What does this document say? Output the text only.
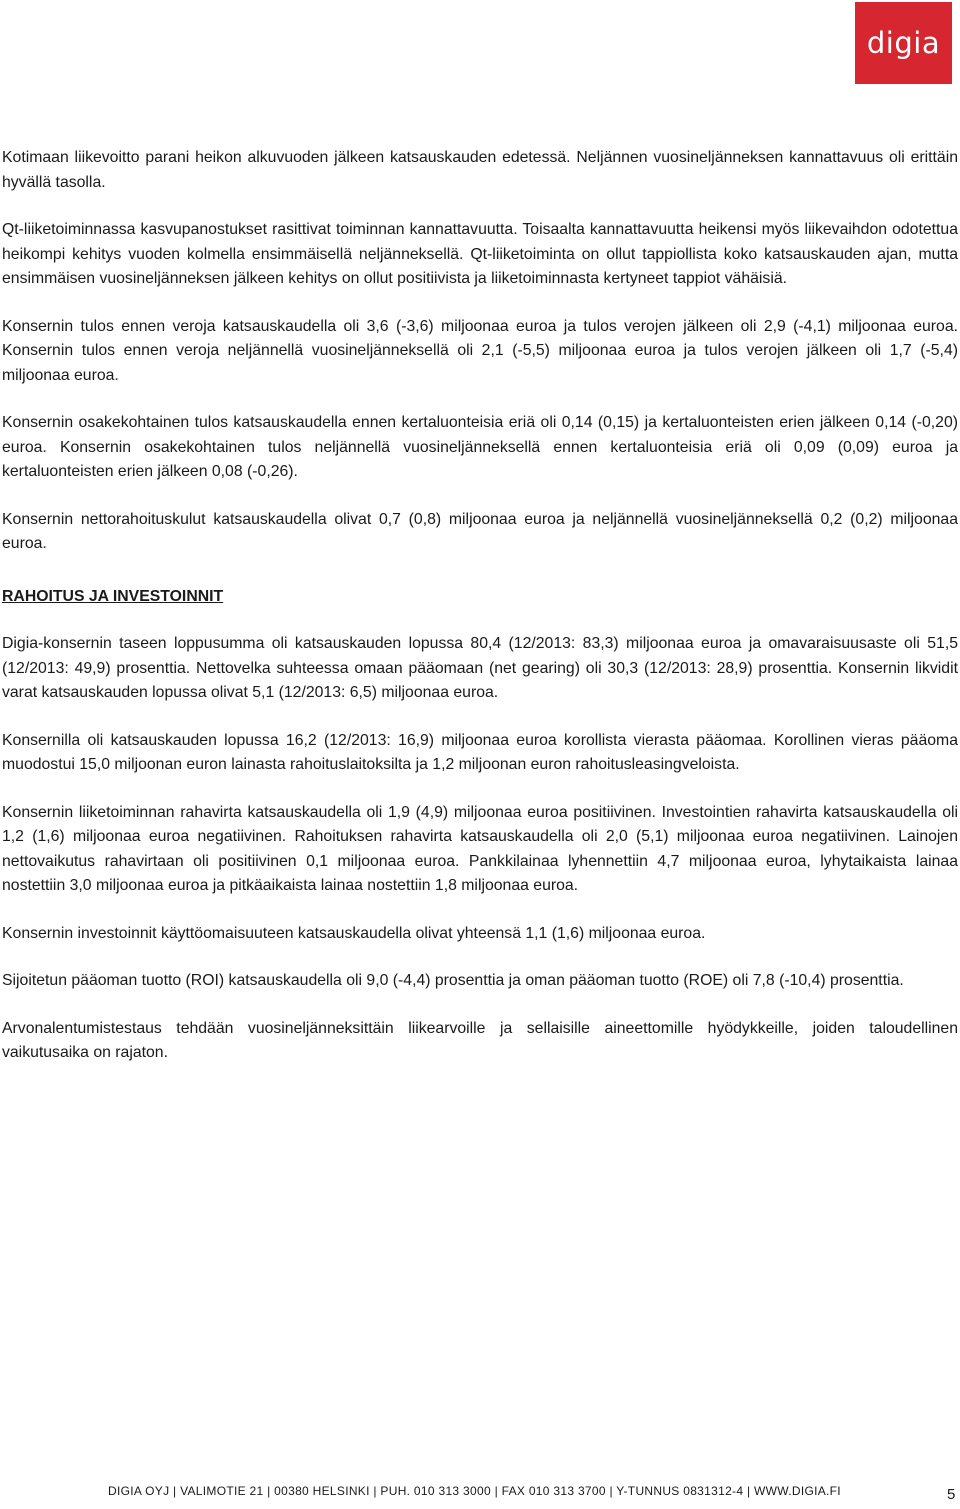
digia

Kotimaan liikevoitto parani heikon alkuvuoden jälkeen katsauskauden edetessä. Neljännen vuosineljänneksen kannattavuus oli erittäin hyvällä tasolla.

Qt-liiketoiminnassa kasvupanostukset rasittivat toiminnan kannattavuutta. Toisaalta kannattavuutta heikensi myös liikevaihdon odotettua heikompi kehitys vuoden kolmella ensimmäisellä neljänneksellä. Qt-liiketoiminta on ollut tappiollista koko katsauskauden ajan, mutta ensimmäisen vuosineljänneksen jälkeen kehitys on ollut positiivista ja liiketoiminnasta kertyneet tappiot vähäisiä.

Konsernin tulos ennen veroja katsauskaudella oli 3,6 (-3,6) miljoonaa euroa ja tulos verojen jälkeen oli 2,9 (-4,1) miljoonaa euroa. Konsernin tulos ennen veroja neljännellä vuosineljänneksellä oli 2,1 (-5,5) miljoonaa euroa ja tulos verojen jälkeen oli 1,7 (-5,4) miljoonaa euroa.

Konsernin osakekohtainen tulos katsauskaudella ennen kertaluonteisia eriä oli 0,14 (0,15) ja kertaluonteisten erien jälkeen 0,14 (-0,20) euroa. Konsernin osakekohtainen tulos neljännellä vuosineljänneksellä ennen kertaluonteisia eriä oli 0,09 (0,09) euroa ja kertaluonteisten erien jälkeen 0,08 (-0,26).

Konsernin nettorahoituskulut katsauskaudella olivat 0,7 (0,8) miljoonaa euroa ja neljännellä vuosineljänneksellä 0,2 (0,2) miljoonaa euroa.

RAHOITUS JA INVESTOINNIT

Digia-konsernin taseen loppusumma oli katsauskauden lopussa 80,4 (12/2013: 83,3) miljoonaa euroa ja omavaraisuusaste oli 51,5 (12/2013: 49,9) prosenttia. Nettovelka suhteessa omaan pääomaan (net gearing) oli 30,3 (12/2013: 28,9) prosenttia. Konsernin likvidit varat katsauskauden lopussa olivat 5,1 (12/2013: 6,5) miljoonaa euroa.

Konsernilla oli katsauskauden lopussa 16,2 (12/2013: 16,9) miljoonaa euroa korollista vierasta pääomaa. Korollinen vieras pääoma muodostui 15,0 miljoonan euron lainasta rahoituslaitoksilta ja 1,2 miljoonan euron rahoitusleasingveloista.

Konsernin liiketoiminnan rahavirta katsauskaudella oli 1,9 (4,9) miljoonaa euroa positiivinen. Investointien rahavirta katsauskaudella oli 1,2 (1,6) miljoonaa euroa negatiivinen. Rahoituksen rahavirta katsauskaudella oli 2,0 (5,1) miljoonaa euroa negatiivinen. Lainojen nettovaikutus rahavirtaan oli positiivinen 0,1 miljoonaa euroa. Pankkilainaa lyhennettiin 4,7 miljoonaa euroa, lyhytaikaista lainaa nostettiin 3,0 miljoonaa euroa ja pitkäaikaista lainaa nostettiin 1,8 miljoonaa euroa.

Konsernin investoinnit käyttöomaisuuteen katsauskaudella olivat yhteensä 1,1 (1,6) miljoonaa euroa.

Sijoitetun pääoman tuotto (ROI) katsauskaudella oli 9,0 (-4,4) prosenttia ja oman pääoman tuotto (ROE) oli 7,8 (-10,4) prosenttia.

Arvonalentumistestaus tehdään vuosineljänneksittäin liikearvoille ja sellaisille aineettomille hyödykkeille, joiden taloudellinen vaikutusaika on rajaton.

DIGIA OYJ | VALIMOTIE 21 | 00380 HELSINKI | PUH. 010 313 3000 | FAX 010 313 3700 | Y-TUNNUS 0831312-4 | WWW.DIGIA.FI	5
